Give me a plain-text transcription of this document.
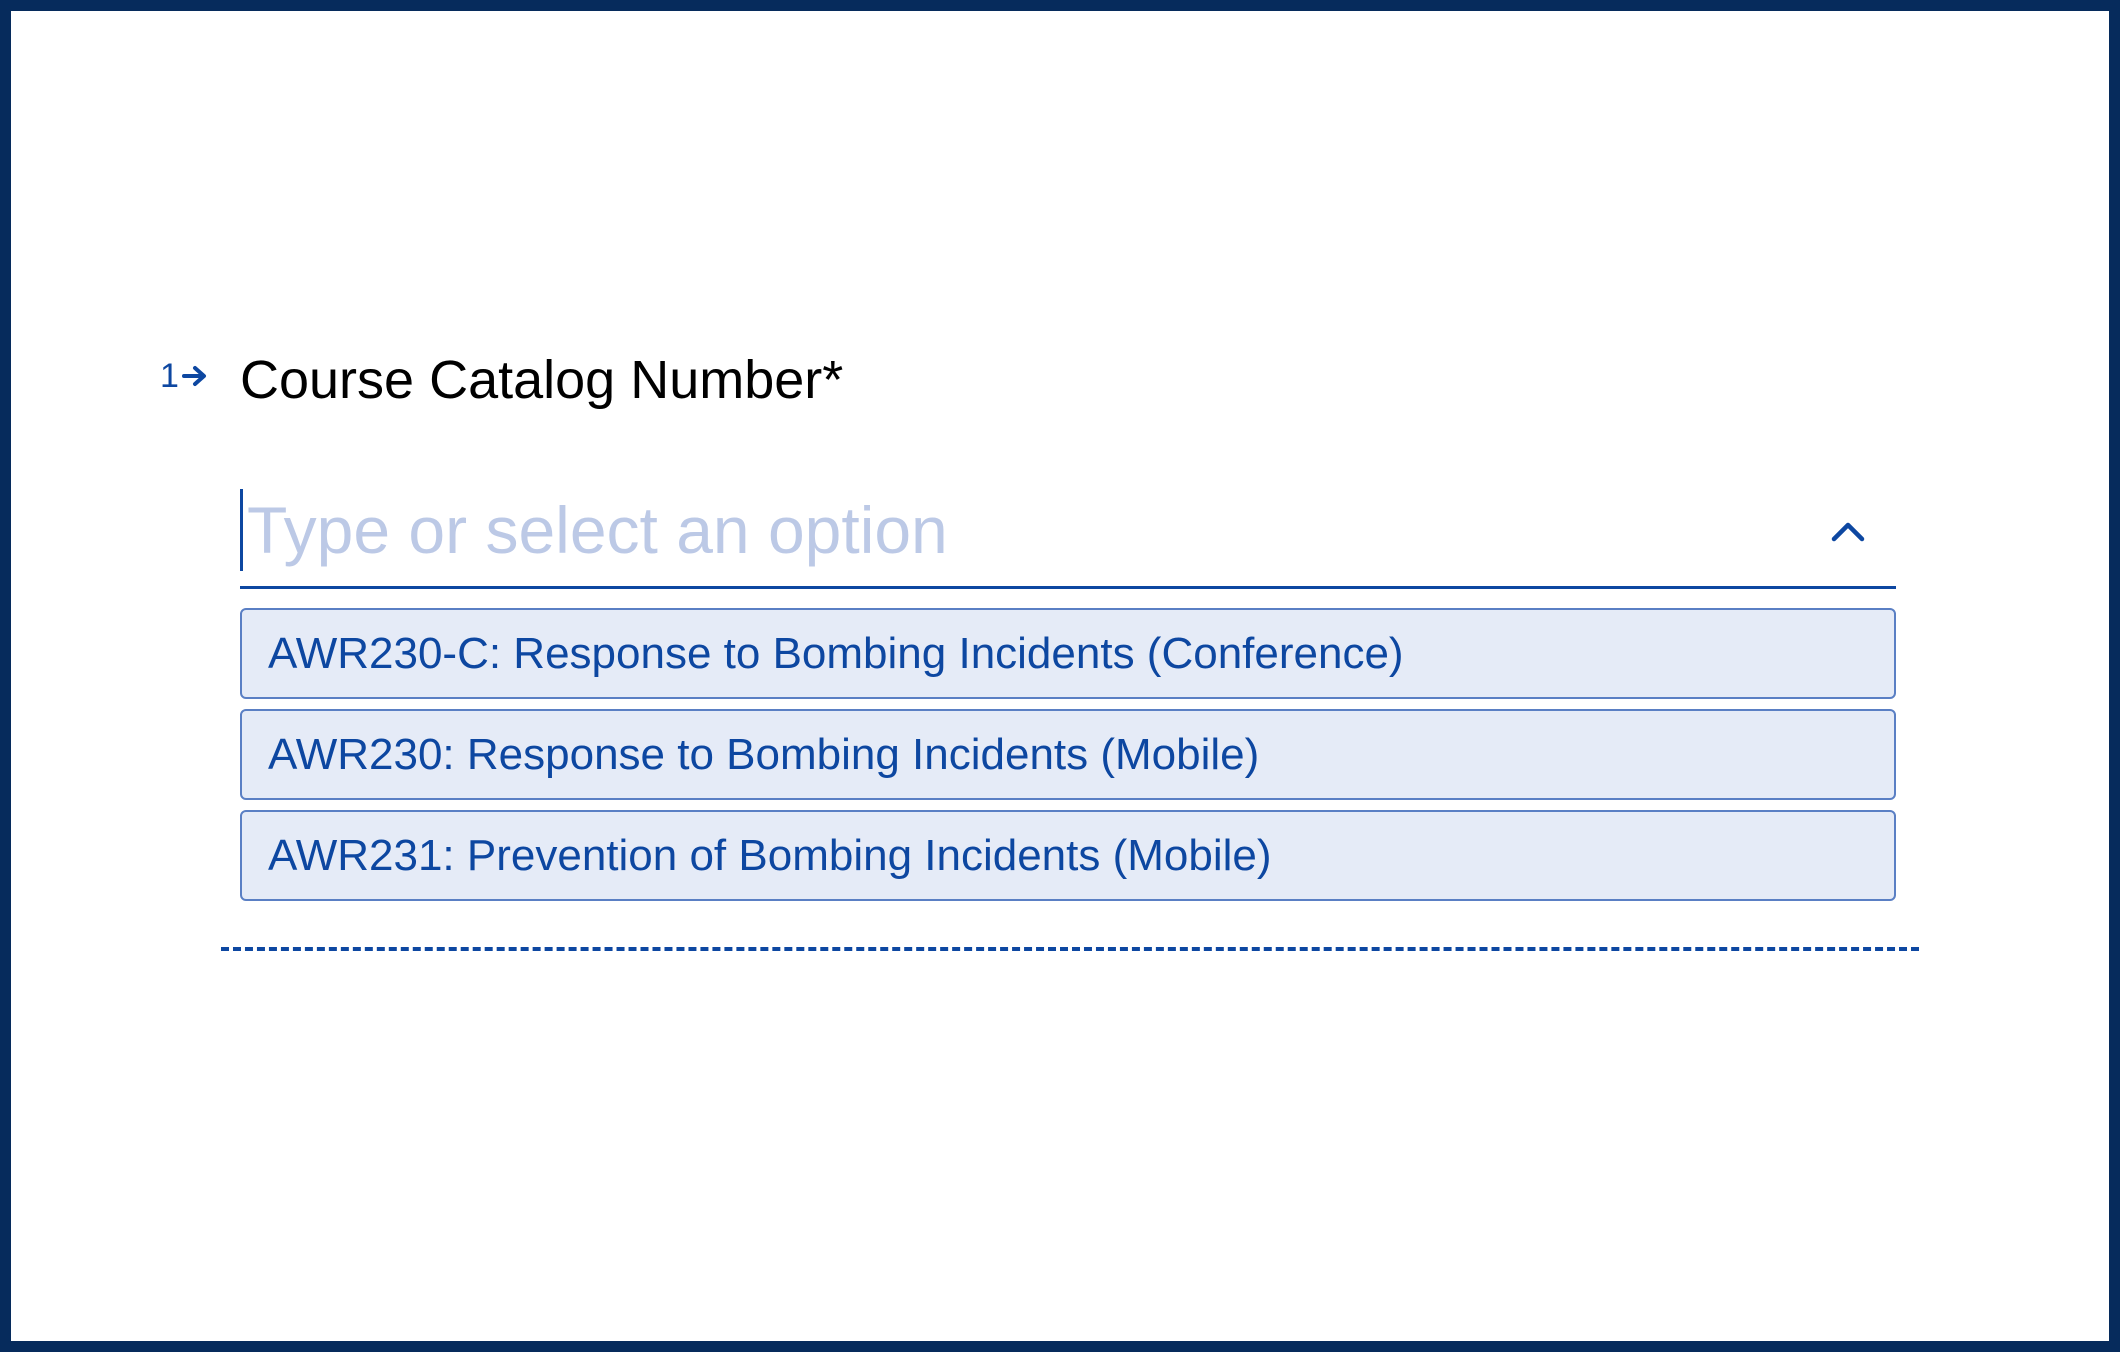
1 Course Catalog Number*
Type or select an option
AWR230-C: Response to Bombing Incidents (Conference)
AWR230: Response to Bombing Incidents (Mobile)
AWR231: Prevention of Bombing Incidents (Mobile)
